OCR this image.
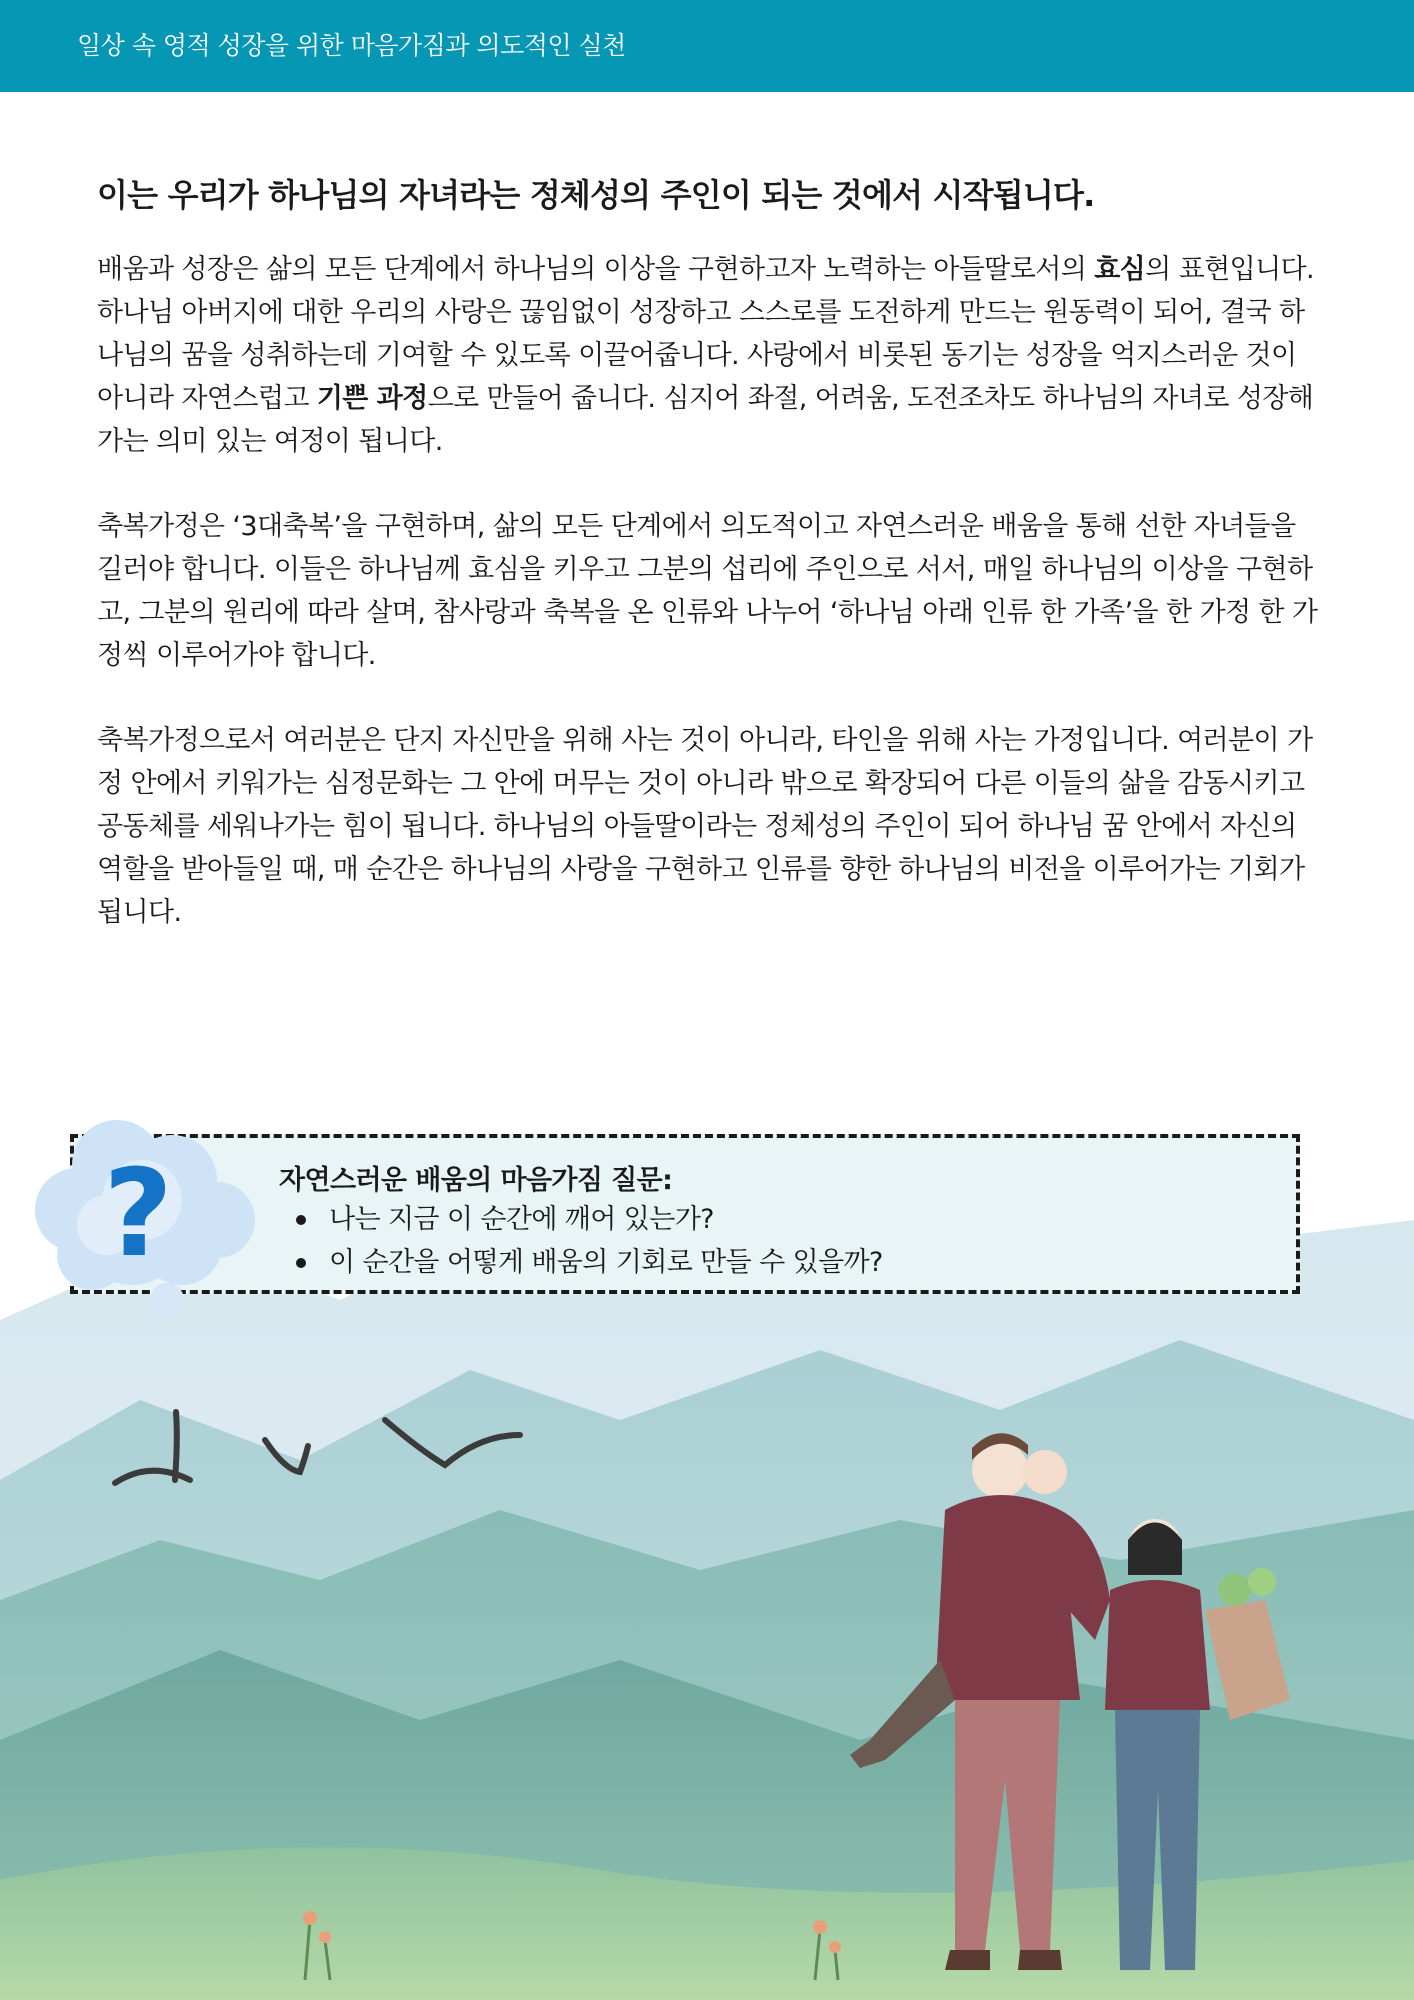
일상 속 영적 성장을 위한 마음가짐과 의도적인 실천
이는 우리가 하나님의 자녀라는 정체성의 주인이 되는 것에서 시작됩니다.

배움과 성장은 삶의 모든 단계에서 하나님의 이상을 구현하고자 노력하는 아들딸로서의 효심의 표현입니다. 하나님 아버지에 대한 우리의 사랑은 끊임없이 성장하고 스스로를 도전하게 만드는 원동력이 되어, 결국 하나님의 꿈을 성취하는데 기여할 수 있도록 이끌어줍니다. 사랑에서 비롯된 동기는 성장을 억지스러운 것이 아니라 자연스럽고 기쁜 과정으로 만들어 줍니다. 심지어 좌절, 어려움, 도전조차도 하나님의 자녀로 성장해 가는 의미 있는 여정이 됩니다.

축복가정은 ‘3대축복’을 구현하며, 삶의 모든 단계에서 의도적이고 자연스러운 배움을 통해 선한 자녀들을 길러야 합니다. 이들은 하나님께 효심을 키우고 그분의 섭리에 주인으로 서서, 매일 하나님의 이상을 구현하고, 그분의 원리에 따라 살며, 참사랑과 축복을 온 인류와 나누어 ‘하나님 아래 인류 한 가족’을 한 가정 한 가정씩 이루어가야 합니다.

축복가정으로서 여러분은 단지 자신만을 위해 사는 것이 아니라, 타인을 위해 사는 가정입니다. 여러분이 가정 안에서 키워가는 심정문화는 그 안에 머무는 것이 아니라 밖으로 확장되어 다른 이들의 삶을 감동시키고 공동체를 세워나가는 힘이 됩니다. 하나님의 아들딸이라는 정체성의 주인이 되어 하나님 꿈 안에서 자신의 역할을 받아들일 때, 매 순간은 하나님의 사랑을 구현하고 인류를 향한 하나님의 비전을 이루어가는 기회가 됩니다.

자연스러운 배움의 마음가짐 질문:
나는 지금 이 순간에 깨어 있는가?
이 순간을 어떻게 배움의 기회로 만들 수 있을까?
?
